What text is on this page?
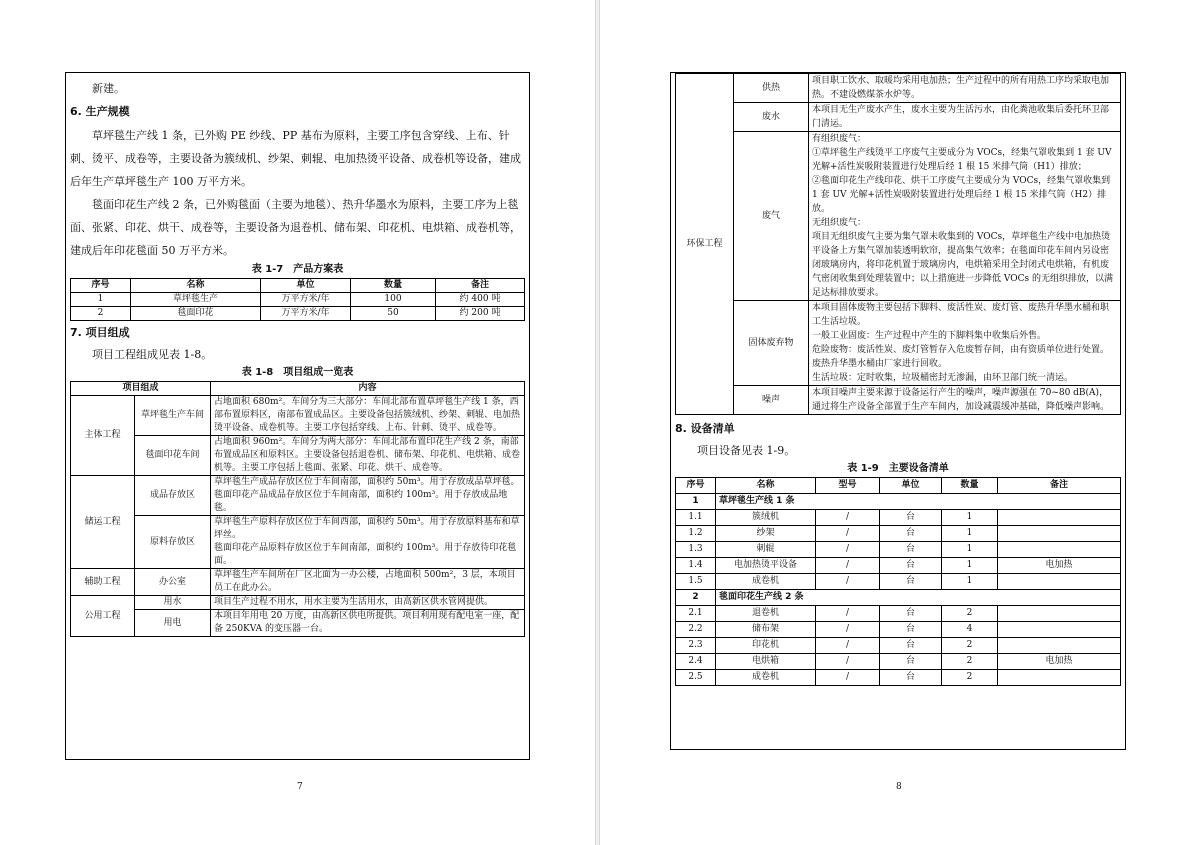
新建。

6. 生产规模

草坪毯生产线 1 条，已外购 PE 纱线、PP 基布为原料，主要工序包含穿线、上布、针刺、烫平、成卷等，主要设备为簇绒机、纱架、刺辊、电加热烫平设备、成卷机等设备，建成后年生产草坪毯生产 100 万平方米。

毯面印花生产线 2 条，已外购毯面（主要为地毯）、热升华墨水为原料，主要工序为上毯面、张紧、印花、烘干、成卷等，主要设备为退卷机、储布架、印花机、电烘箱、成卷机等，建成后年印花毯面 50 万平方米。

表 1-7 产品方案表

序号	名称	单位	数量	备注
1	草坪毯生产	万平方米/年	100	约 400 吨
2	毯面印花	万平方米/年	50	约 200 吨

7. 项目组成

项目工程组成见表 1-8。

表 1-8 项目组成一览表

项目组成		内容
主体工程	草坪毯生产车间	占地面积 680m²。车间分为三大部分：车间北部布置草坪毯生产线 1 条，西部布置原料区，南部布置成品区。主要设备包括簇绒机、纱架、刺辊、电加热烫平设备、成卷机等。主要工序包括穿线、上布、针刺、烫平、成卷等。
	毯面印花车间	占地面积 960m²。车间分为两大部分：车间北部布置印花生产线 2 条，南部布置成品区和原料区。主要设备包括退卷机、储布架、印花机、电烘箱、成卷机等。主要工序包括上毯面、张紧、印花、烘干、成卷等。
储运工程	成品存放区	草坪毯生产成品存放区位于车间南部，面积约 50m³。用于存放成品草坪毯。
毯面印花产品成品存放区位于车间南部，面积约 100m³。用于存放成品地毯。
	原料存放区	草坪毯生产原料存放区位于车间西部，面积约 50m³。用于存放原料基布和草坪丝。
毯面印花产品原料存放区位于车间南部，面积约 100m³。用于存放待印花毯面。
辅助工程	办公室	草坪毯生产车间所在厂区北面为一办公楼，占地面积 500m²，3 层，本项目员工在此办公。
公用工程	用水	项目生产过程不用水，用水主要为生活用水，由高新区供水管网提供。
	用电	本项目年用电 20 万度，由高新区供电所提供。项目利用现有配电室一座，配备 250KVA 的变压器一台。
7
环保工程	供热	项目职工饮水、取暖均采用电加热；生产过程中的所有用热工序均采取电加热。不建设燃煤茶水炉等。
	废水	本项目无生产废水产生，废水主要为生活污水，由化粪池收集后委托环卫部门清运。
	废气	有组织废气：
①草坪毯生产线烫平工序废气主要成分为 VOCs，经集气罩收集到 1 套 UV 光解+活性炭吸附装置进行处理后经 1 根 15 米排气筒（H1）排放；
②毯面印花生产线印花、烘干工序废气主要成分为 VOCs，经集气罩收集到 1 套 UV 光解+活性炭吸附装置进行处理后经 1 根 15 米排气筒（H2）排放。
无组织废气：
项目无组织废气主要为集气罩未收集到的 VOCs，草坪毯生产线中电加热烫平设备上方集气罩加装透明软帘，提高集气效率；在毯面印花车间内另设密闭玻璃房内，将印花机置于玻璃房内，电烘箱采用全封闭式电烘箱，有机废气密闭收集到处理装置中；以上措施进一步降低 VOCs 的无组织排放，以满足达标排放要求。
	固体废弃物	本项目固体废物主要包括下脚料、废活性炭、废灯管、废热升华墨水桶和职工生活垃圾。
一般工业固废：生产过程中产生的下脚料集中收集后外售。
危险废物：废活性炭、废灯管暂存入危废暂存间，由有资质单位进行处置。废热升华墨水桶由厂家进行回收。
生活垃圾：定时收集，垃圾桶密封无渗漏，由环卫部门统一清运。
	噪声	本项目噪声主要来源于设备运行产生的噪声，噪声源强在 70~80 dB(A)，通过将生产设备全部置于生产车间内，加设减震缓冲基础，降低噪声影响。

8. 设备清单

项目设备见表 1-9。

表 1-9 主要设备清单

序号	名称	型号	单位	数量	备注
1	草坪毯生产线 1 条				
1.1	簇绒机	/	台	1	
1.2	纱架	/	台	1	
1.3	刺辊	/	台	1	
1.4	电加热烫平设备	/	台	1	电加热
1.5	成卷机	/	台	1	
2	毯面印花生产线 2 条				
2.1	退卷机	/	台	2	
2.2	储布架	/	台	4	
2.3	印花机	/	台	2	
2.4	电烘箱	/	台	2	电加热
2.5	成卷机	/	台	2	
8
